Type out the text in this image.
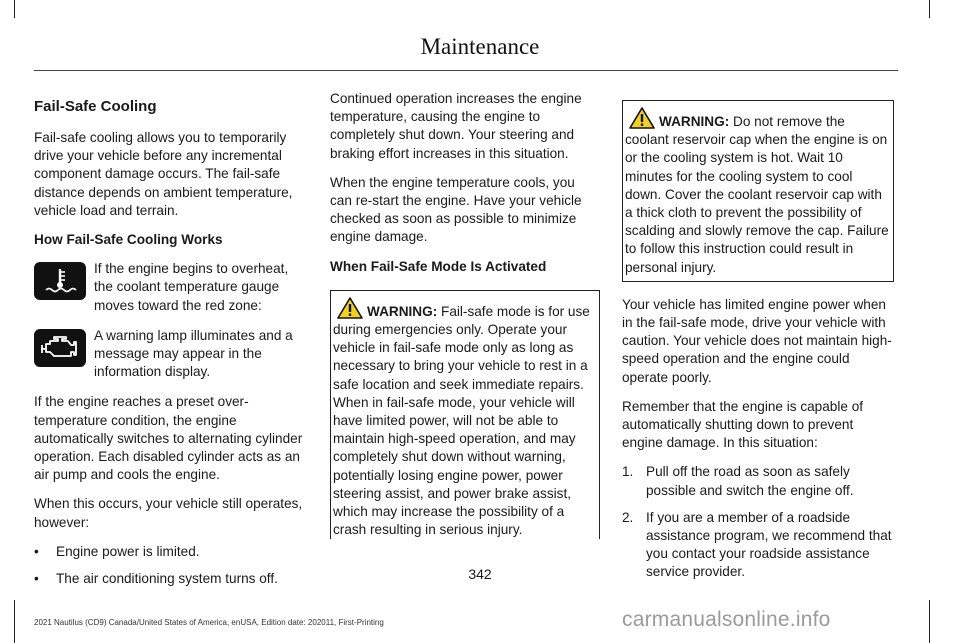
Maintenance

Fail-Safe Cooling

Fail-safe cooling allows you to temporarily drive your vehicle before any incremental component damage occurs. The fail-safe distance depends on ambient temperature, vehicle load and terrain.

How Fail-Safe Cooling Works

If the engine begins to overheat, the coolant temperature gauge moves toward the red zone:
A warning lamp illuminates and a message may appear in the information display.

If the engine reaches a preset over-temperature condition, the engine automatically switches to alternating cylinder operation. Each disabled cylinder acts as an air pump and cools the engine.

When this occurs, your vehicle still operates, however:

• Engine power is limited.
• The air conditioning system turns off.

Continued operation increases the engine temperature, causing the engine to completely shut down. Your steering and braking effort increases in this situation.

When the engine temperature cools, you can re-start the engine. Have your vehicle checked as soon as possible to minimize engine damage.

When Fail-Safe Mode Is Activated

WARNING: Fail-safe mode is for use during emergencies only. Operate your vehicle in fail-safe mode only as long as necessary to bring your vehicle to rest in a safe location and seek immediate repairs. When in fail-safe mode, your vehicle will have limited power, will not be able to maintain high-speed operation, and may completely shut down without warning, potentially losing engine power, power steering assist, and power brake assist, which may increase the possibility of a crash resulting in serious injury.

WARNING: Do not remove the coolant reservoir cap when the engine is on or the cooling system is hot. Wait 10 minutes for the cooling system to cool down. Cover the coolant reservoir cap with a thick cloth to prevent the possibility of scalding and slowly remove the cap. Failure to follow this instruction could result in personal injury.

Your vehicle has limited engine power when in the fail-safe mode, drive your vehicle with caution. Your vehicle does not maintain high-speed operation and the engine could operate poorly.

Remember that the engine is capable of automatically shutting down to prevent engine damage. In this situation:

1. Pull off the road as soon as safely possible and switch the engine off.
2. If you are a member of a roadside assistance program, we recommend that you contact your roadside assistance service provider.
342
2021 Nautilus (CD9) Canada/United States of America, enUSA, Edition date: 202011, First-Printing	carmanualsonline.info
